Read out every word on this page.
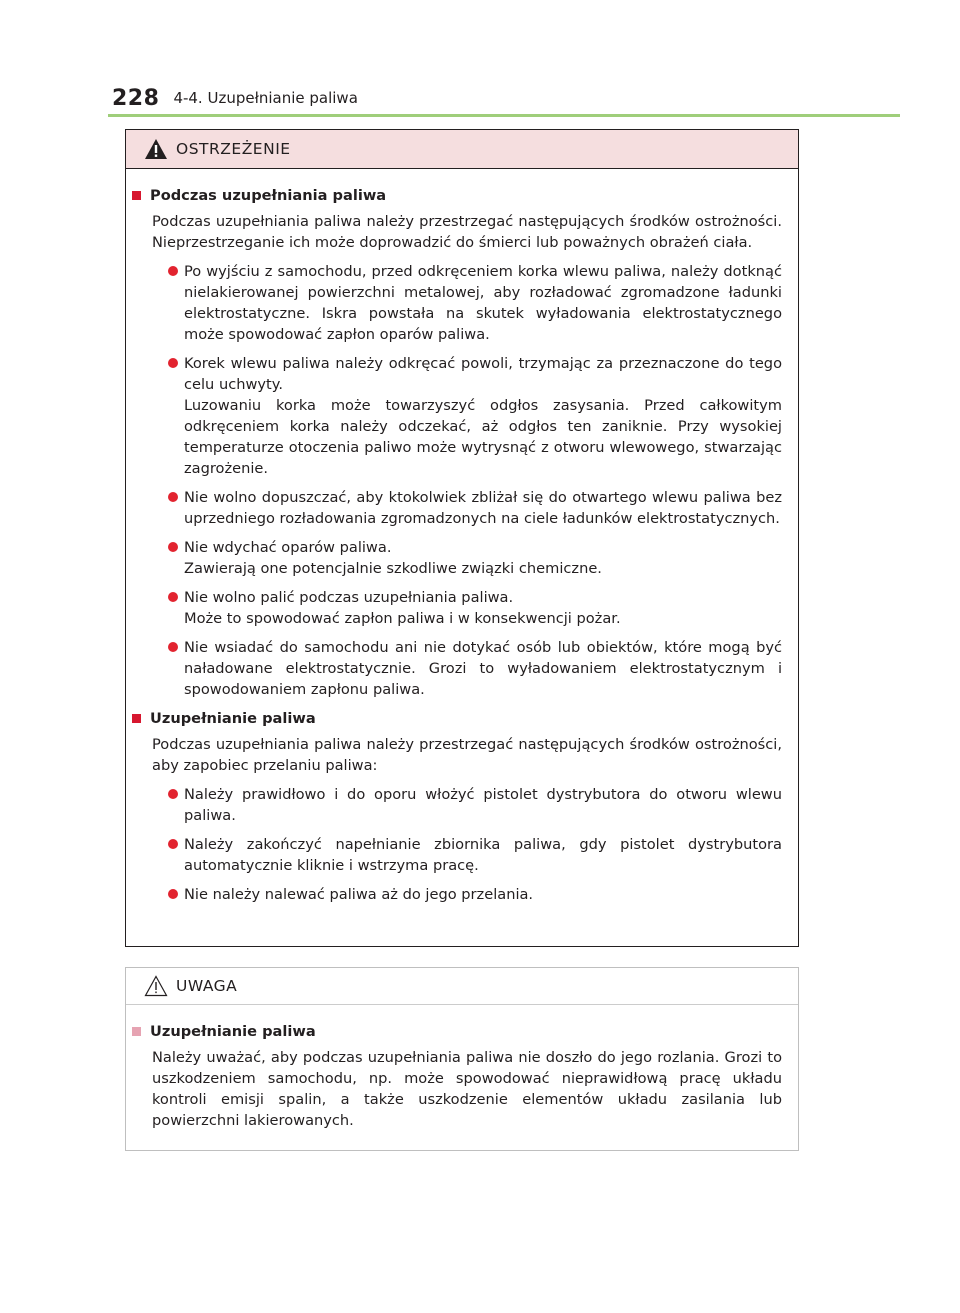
228 4-4. Uzupełnianie paliwa
OSTRZEŻENIE
Podczas uzupełniania paliwa
Podczas uzupełniania paliwa należy przestrzegać następujących środków ostrożności. Nieprzestrzeganie ich może doprowadzić do śmierci lub poważnych obrażeń ciała.
Po wyjściu z samochodu, przed odkręceniem korka wlewu paliwa, należy dotknąć nielakierowanej powierzchni metalowej, aby rozładować zgromadzone ładunki elektrostatyczne. Iskra powstała na skutek wyładowania elektrostatycznego może spowodować zapłon oparów paliwa.
Korek wlewu paliwa należy odkręcać powoli, trzymając za przeznaczone do tego celu uchwyty.
Luzowaniu korka może towarzyszyć odgłos zasysania. Przed całkowitym odkręceniem korka należy odczekać, aż odgłos ten zaniknie. Przy wysokiej temperaturze otoczenia paliwo może wytrysnąć z otworu wlewowego, stwarzając zagrożenie.
Nie wolno dopuszczać, aby ktokolwiek zbliżał się do otwartego wlewu paliwa bez uprzedniego rozładowania zgromadzonych na ciele ładunków elektrostatycznych.
Nie wdychać oparów paliwa.
Zawierają one potencjalnie szkodliwe związki chemiczne.
Nie wolno palić podczas uzupełniania paliwa.
Może to spowodować zapłon paliwa i w konsekwencji pożar.
Nie wsiadać do samochodu ani nie dotykać osób lub obiektów, które mogą być naładowane elektrostatycznie. Grozi to wyładowaniem elektrostatycznym i spowodowaniem zapłonu paliwa.
Uzupełnianie paliwa
Podczas uzupełniania paliwa należy przestrzegać następujących środków ostrożności, aby zapobiec przelaniu paliwa:
Należy prawidłowo i do oporu włożyć pistolet dystrybutora do otworu wlewu paliwa.
Należy zakończyć napełnianie zbiornika paliwa, gdy pistolet dystrybutora automatycznie kliknie i wstrzyma pracę.
Nie należy nalewać paliwa aż do jego przelania.
UWAGA
Uzupełnianie paliwa
Należy uważać, aby podczas uzupełniania paliwa nie doszło do jego rozlania. Grozi to uszkodzeniem samochodu, np. może spowodować nieprawidłową pracę układu kontroli emisji spalin, a także uszkodzenie elementów układu zasilania lub powierzchni lakierowanych.
